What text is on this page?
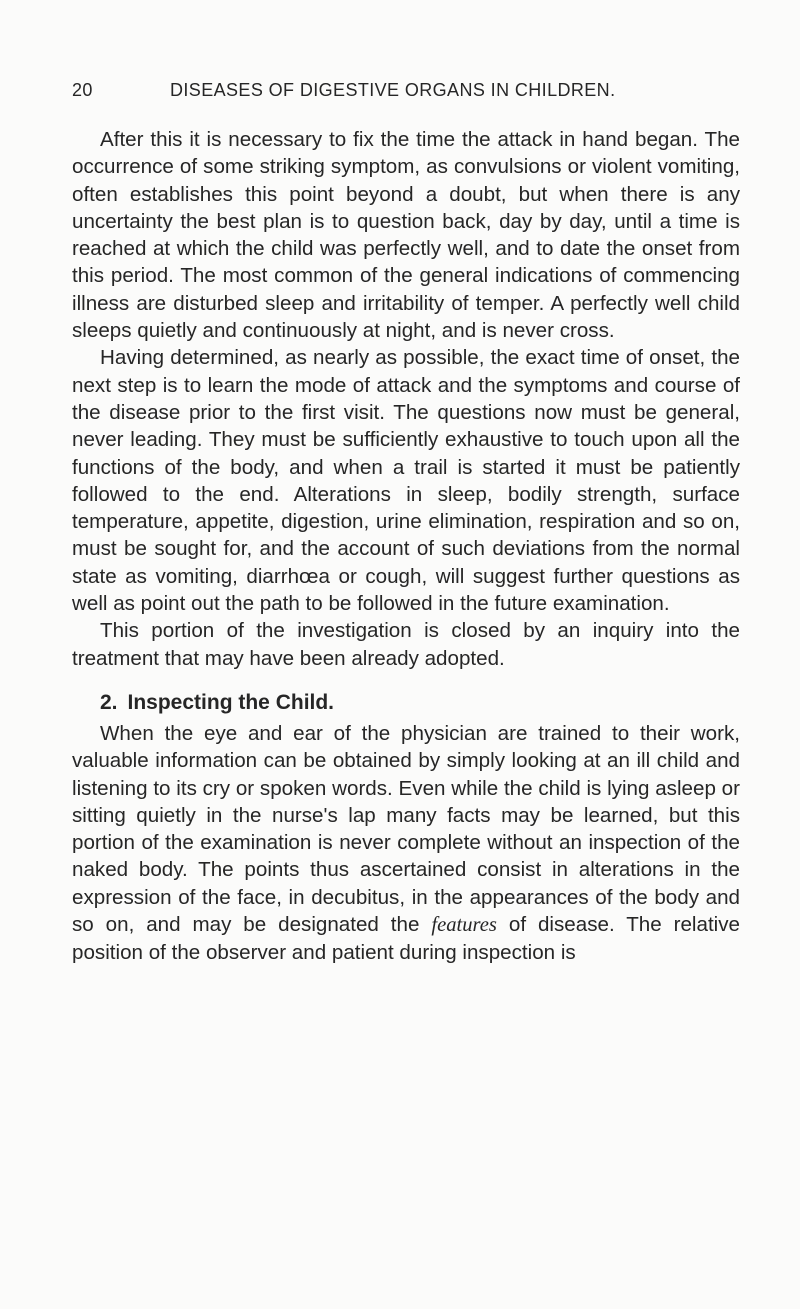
20	DISEASES OF DIGESTIVE ORGANS IN CHILDREN.

After this it is necessary to fix the time the attack in hand began. The occurrence of some striking symptom, as convulsions or violent vomiting, often establishes this point beyond a doubt, but when there is any uncertainty the best plan is to question back, day by day, until a time is reached at which the child was perfectly well, and to date the onset from this period. The most common of the general indications of commencing illness are disturbed sleep and irritability of temper. A perfectly well child sleeps quietly and continuously at night, and is never cross.

Having determined, as nearly as possible, the exact time of onset, the next step is to learn the mode of attack and the symptoms and course of the disease prior to the first visit. The questions now must be general, never leading. They must be sufficiently exhaustive to touch upon all the functions of the body, and when a trail is started it must be patiently followed to the end. Alterations in sleep, bodily strength, surface temperature, appetite, digestion, urine elimination, respiration and so on, must be sought for, and the account of such deviations from the normal state as vomiting, diarrhœa or cough, will suggest further questions as well as point out the path to be followed in the future examination.

This portion of the investigation is closed by an inquiry into the treatment that may have been already adopted.

2. Inspecting the Child.

When the eye and ear of the physician are trained to their work, valuable information can be obtained by simply looking at an ill child and listening to its cry or spoken words. Even while the child is lying asleep or sitting quietly in the nurse's lap many facts may be learned, but this portion of the examination is never complete without an inspection of the naked body. The points thus ascertained consist in alterations in the expression of the face, in decubitus, in the appearances of the body and so on, and may be designated the features of disease. The relative position of the observer and patient during inspection is
